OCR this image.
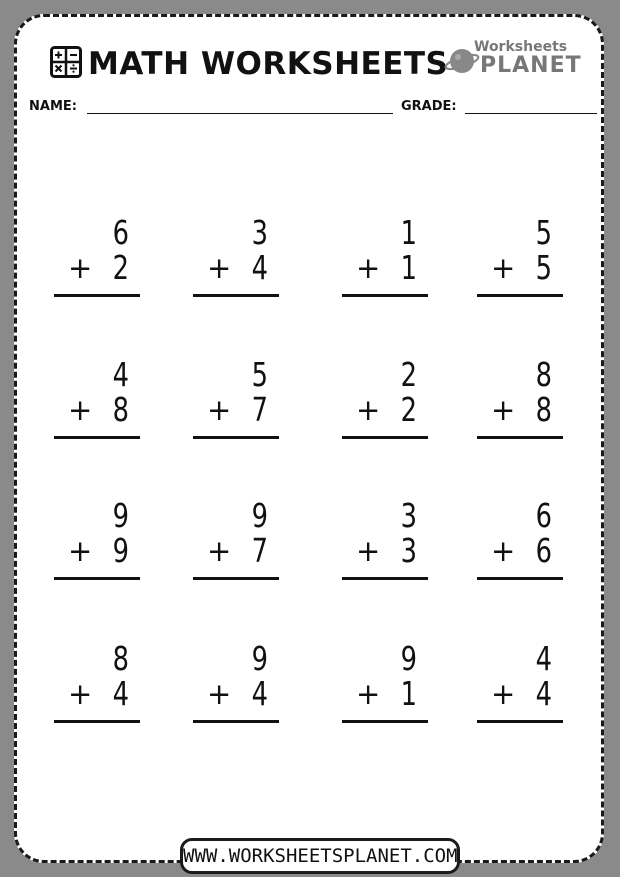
MATH WORKSHEETS Worksheets
PLANET
NAME:	GRADE:
6
+ 2
3
+ 4
1
+ 1
5
+ 5
4
+ 8
5
+ 7
2
+ 2
8
+ 8
9
+ 9
9
+ 7
3
+ 3
6
+ 6
8
+ 4
9
+ 4
9
+ 1
4
+ 4
WWW.WORKSHEETSPLANET.COM
